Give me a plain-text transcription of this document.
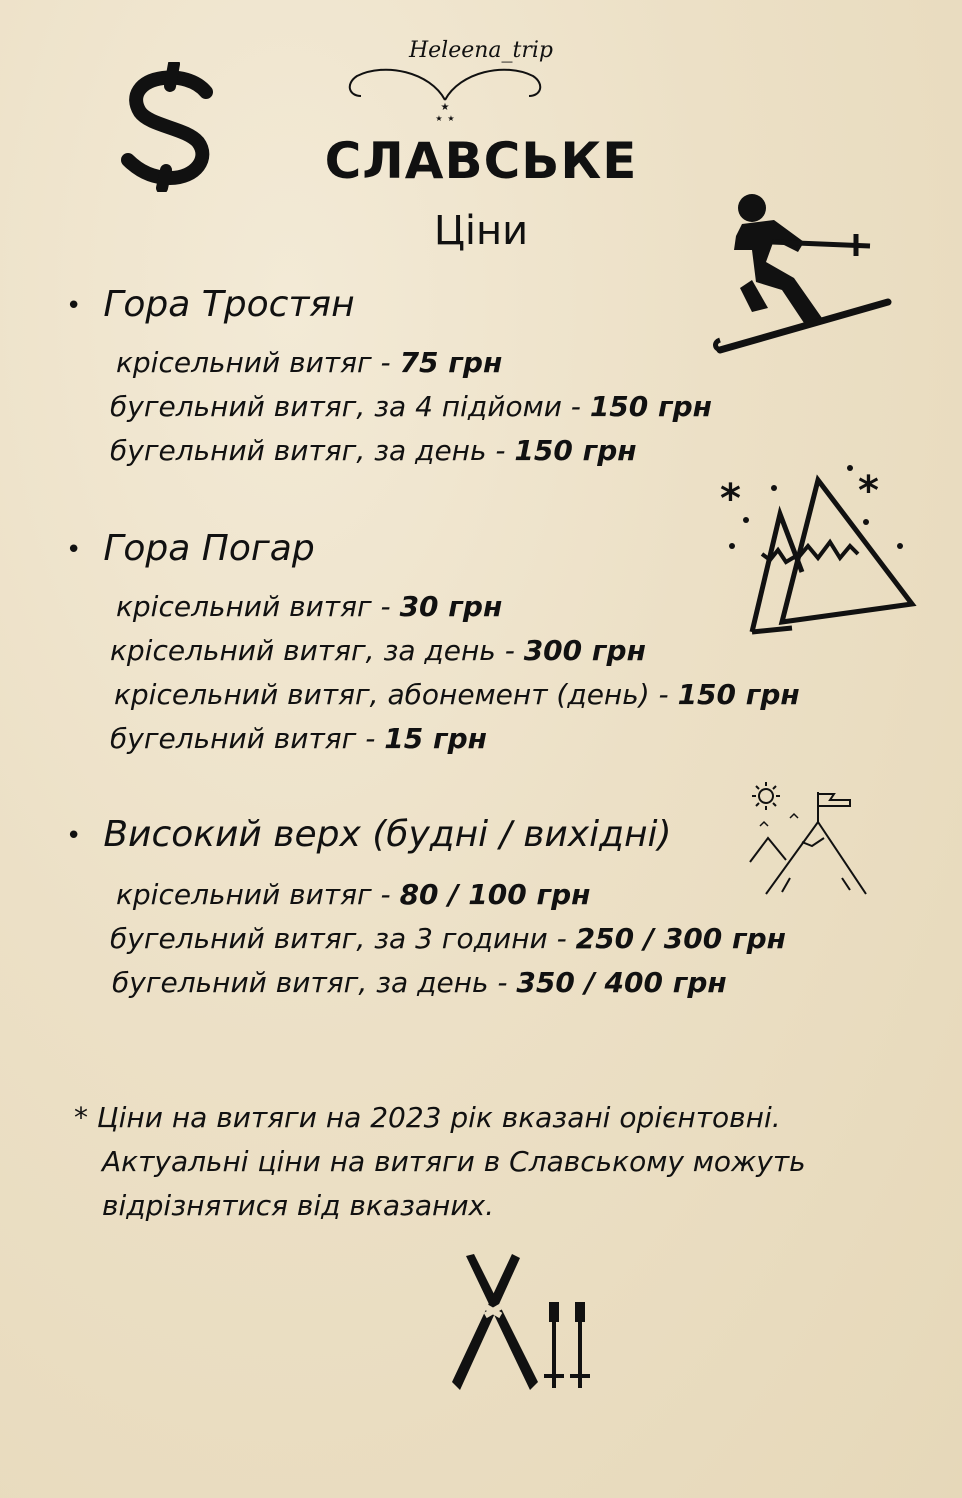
Heleena_trip
★
★ ★
СЛАВСЬКЕ
Ціни
*	*
• Гора Тростян
крісельний витяг - 75 грн
бугельний витяг, за 4 підйоми - 150 грн
бугельний витяг, за день - 150 грн
• Гора Погар
крісельний витяг - 30 грн
крісельний витяг, за день - 300 грн
крісельний витяг, абонемент (день) - 150 грн
бугельний витяг - 15 грн
• Високий верх (будні / вихідні)
крісельний витяг - 80 / 100 грн
бугельний витяг, за 3 години - 250 / 300 грн
бугельний витяг, за день - 350 / 400 грн
* Ціни на витяги на 2023 рік вказані орієнтовні.
Актуальні ціни на витяги в Славському можуть
відрізнятися від вказаних.
